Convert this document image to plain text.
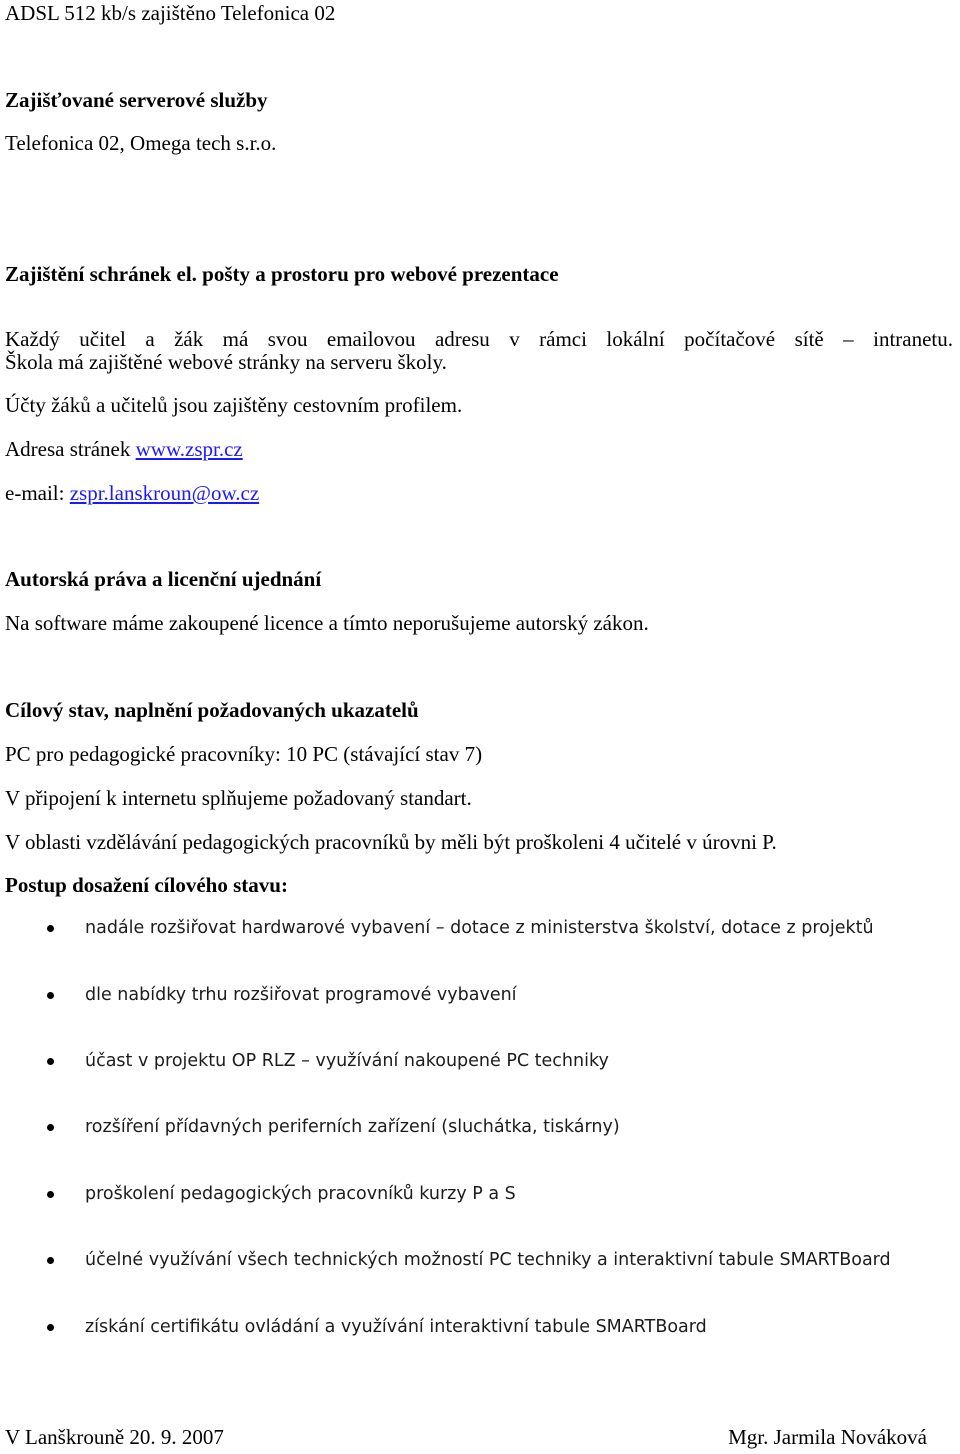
ADSL 512 kb/s zajištěno Telefonica 02

Zajišťované serverové služby

Telefonica 02, Omega tech s.r.o.

Zajištění schránek el. pošty a prostoru pro webové prezentace

Každý učitel a žák má svou emailovou adresu v rámci lokální počítačové sítě – intranetu.

Škola má zajištěné webové stránky na serveru školy.

Účty žáků a učitelů jsou zajištěny cestovním profilem.

Adresa stránek www.zspr.cz

e-mail: zspr.lanskroun@ow.cz

Autorská práva a licenční ujednání

Na software máme zakoupené licence a tímto neporušujeme autorský zákon.

Cílový stav, naplnění požadovaných ukazatelů

PC pro pedagogické pracovníky: 10 PC (stávající stav 7)

V připojení k internetu splňujeme požadovaný standart.

V oblasti vzdělávání pedagogických pracovníků by měli být proškoleni 4 učitelé v úrovni P.

Postup dosažení cílového stavu:

nadále rozšiřovat hardwarové vybavení – dotace z ministerstva školství, dotace z projektů
dle nabídky trhu rozšiřovat programové vybavení
účast v projektu OP RLZ – využívání nakoupené PC techniky
rozšíření přídavných periferních zařízení (sluchátka, tiskárny)
proškolení pedagogických pracovníků kurzy P a S
účelné využívání všech technických možností PC techniky a interaktivní tabule SMARTBoard
získání certifikátu ovládání a využívání interaktivní tabule SMARTBoard

V Lanškrouně 20. 9. 2007	Mgr. Jarmila Nováková
